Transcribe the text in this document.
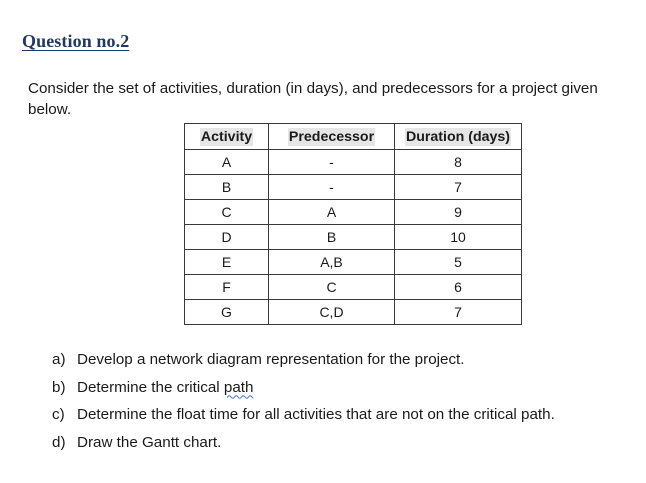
Question no.2
Consider the set of activities, duration (in days), and predecessors for a project given below.
Activity	Predecessor	Duration (days)
A	-	8
B	-	7
C	A	9
D	B	10
E	A,B	5
F	C	6
G	C,D	7
a) Develop a network diagram representation for the project.
b) Determine the critical path
c) Determine the float time for all activities that are not on the critical path.
d) Draw the Gantt chart.
